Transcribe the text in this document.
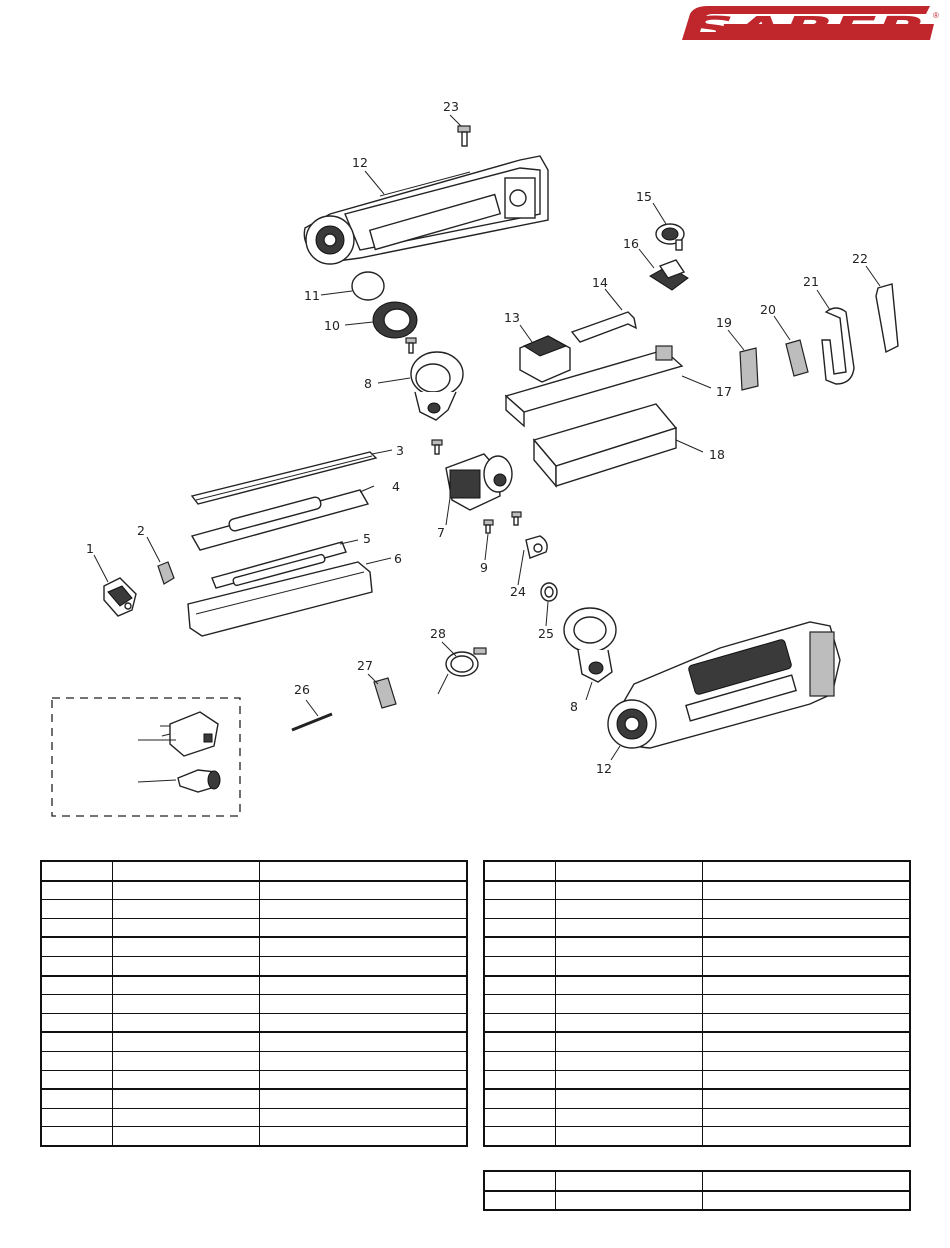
SABER ®
23
12
11
10
8
3
4
5
6
2
1
7
9
24
25
8
12
13
14
15
16
17
18
19
20
21
22
26
27
28
